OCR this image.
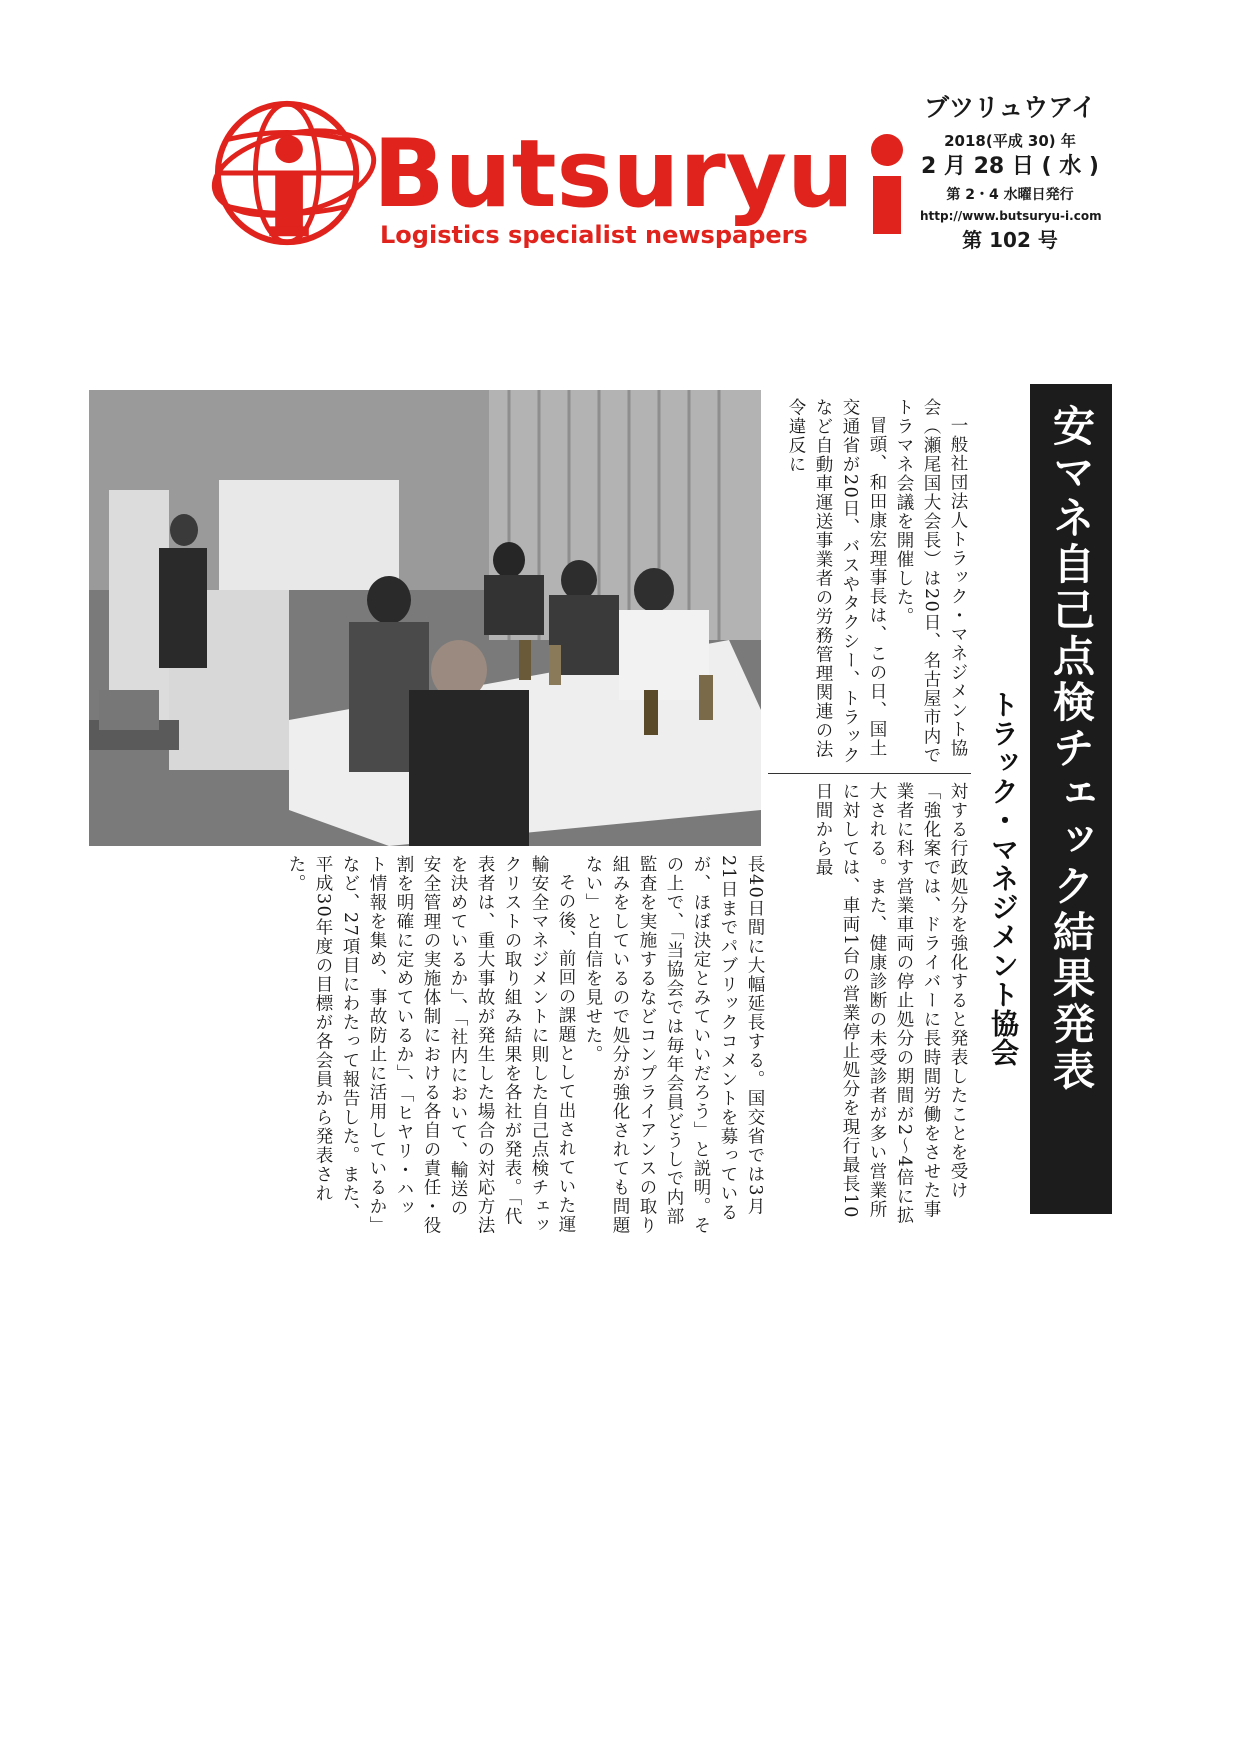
Butsuryu
Logistics specialist newspapers
ブツリュウアイ
2018(平成 30) 年
2 月 28 日 ( 水 )
第 2・4 水曜日発行
http://www.butsuryu-i.com
第 102 号
安マネ自己点検チェック結果発表
トラック・マネジメント協会

一般社団法人トラック・マネジメント協会（瀬尾国大会長）は20日、名古屋市内でトラマネ会議を開催した。

冒頭、和田康宏理事長は、この日、国土交通省が20日、バスやタクシー、トラックなど自動車運送事業者の労務管理関連の法令違反に

対する行政処分を強化すると発表したことを受け「強化案では、ドライバーに長時間労働をさせた事業者に科す営業車両の停止処分の期間が2〜4倍に拡大される。また、健康診断の未受診者が多い営業所に対しては、車両1台の営業停止処分を現行最長10日間から最

長40日間に大幅延長する。国交省では3月21日までパブリックコメントを募っているが、ほぼ決定とみていいだろう」と説明。その上で、「当協会では毎年会員どうしで内部監査を実施するなどコンプライアンスの取り組みをしているので処分が強化されても問題ない」と自信を見せた。

その後、前回の課題として出されていた運輸安全マネジメントに則した自己点検チェックリストの取り組み結果を各社が発表。「代表者は、重大事故が発生した場合の対応方法を決めているか」、「社内において、輸送の安全管理の実施体制における各自の責任・役割を明確に定めているか」、「ヒヤリ・ハット情報を集め、事故防止に活用しているか」など、27項目にわたって報告した。また、平成30年度の目標が各会員から発表された。
